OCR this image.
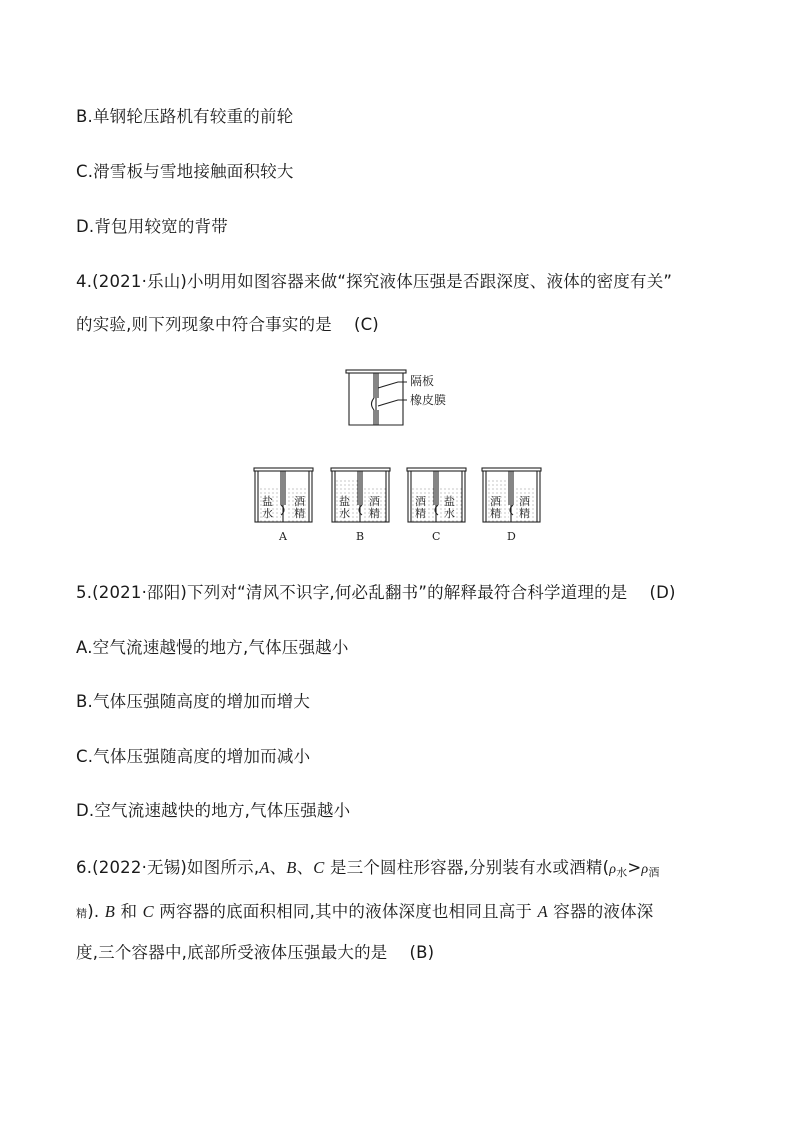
B.单钢轮压路机有较重的前轮
C.滑雪板与雪地接触面积较大
D.背包用较宽的背带
4.(2021·乐山)小明用如图容器来做“探究液体压强是否跟深度、液体的密度有关”
的实验,则下列现象中符合事实的是 (C)
隔板
橡皮膜
盐
水
酒
精
A
盐
水
酒
精
B
酒
精
盐
水
C
酒
精
酒
精
D
5.(2021·邵阳)下列对“清风不识字,何必乱翻书”的解释最符合科学道理的是 (D)
A.空气流速越慢的地方,气体压强越小
B.气体压强随高度的增加而增大
C.气体压强随高度的增加而减小
D.空气流速越快的地方,气体压强越小
6.(2022·无锡)如图所示,A、B、C 是三个圆柱形容器,分别装有水或酒精(ρ水>ρ酒
精). B 和 C 两容器的底面积相同,其中的液体深度也相同且高于 A 容器的液体深
度,三个容器中,底部所受液体压强最大的是 (B)
